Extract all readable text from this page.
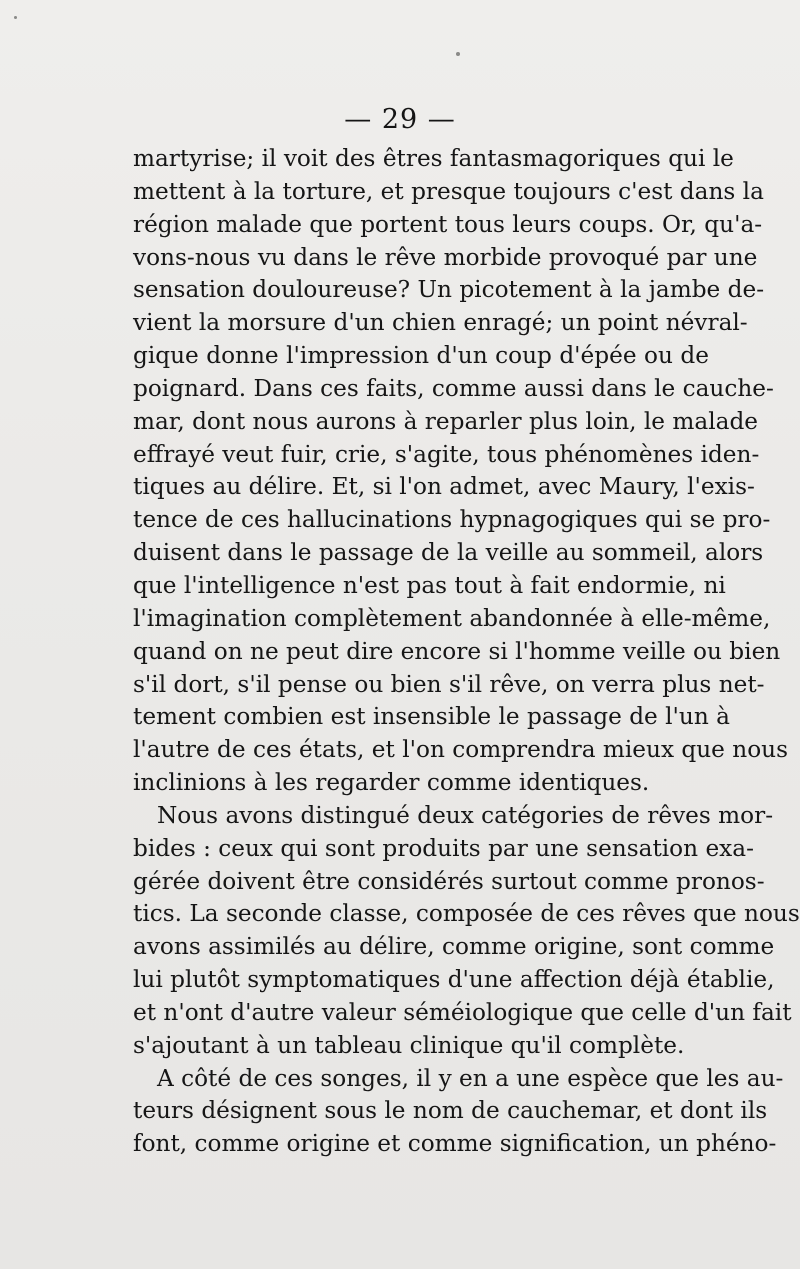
— 29 —
martyrise; il voit des êtres fantasmagoriques qui le
mettent à la torture, et presque toujours c'est dans la
région malade que portent tous leurs coups. Or, qu'a-
vons-nous vu dans le rêve morbide provoqué par une
sensation douloureuse? Un picotement à la jambe de-
vient la morsure d'un chien enragé; un point névral-
gique donne l'impression d'un coup d'épée ou de
poignard. Dans ces faits, comme aussi dans le cauche-
mar, dont nous aurons à reparler plus loin, le malade
effrayé veut fuir, crie, s'agite, tous phénomènes iden-
tiques au délire. Et, si l'on admet, avec Maury, l'exis-
tence de ces hallucinations hypnagogiques qui se pro-
duisent dans le passage de la veille au sommeil, alors
que l'intelligence n'est pas tout à fait endormie, ni
l'imagination complètement abandonnée à elle-même,
quand on ne peut dire encore si l'homme veille ou bien
s'il dort, s'il pense ou bien s'il rêve, on verra plus net-
tement combien est insensible le passage de l'un à
l'autre de ces états, et l'on comprendra mieux que nous
inclinions à les regarder comme identiques.
Nous avons distingué deux catégories de rêves mor-
bides : ceux qui sont produits par une sensation exa-
gérée doivent être considérés surtout comme pronos-
tics. La seconde classe, composée de ces rêves que nous
avons assimilés au délire, comme origine, sont comme
lui plutôt symptomatiques d'une affection déjà établie,
et n'ont d'autre valeur séméiologique que celle d'un fait
s'ajoutant à un tableau clinique qu'il complète.
A côté de ces songes, il y en a une espèce que les au-
teurs désignent sous le nom de cauchemar, et dont ils
font, comme origine et comme signification, un phéno-
